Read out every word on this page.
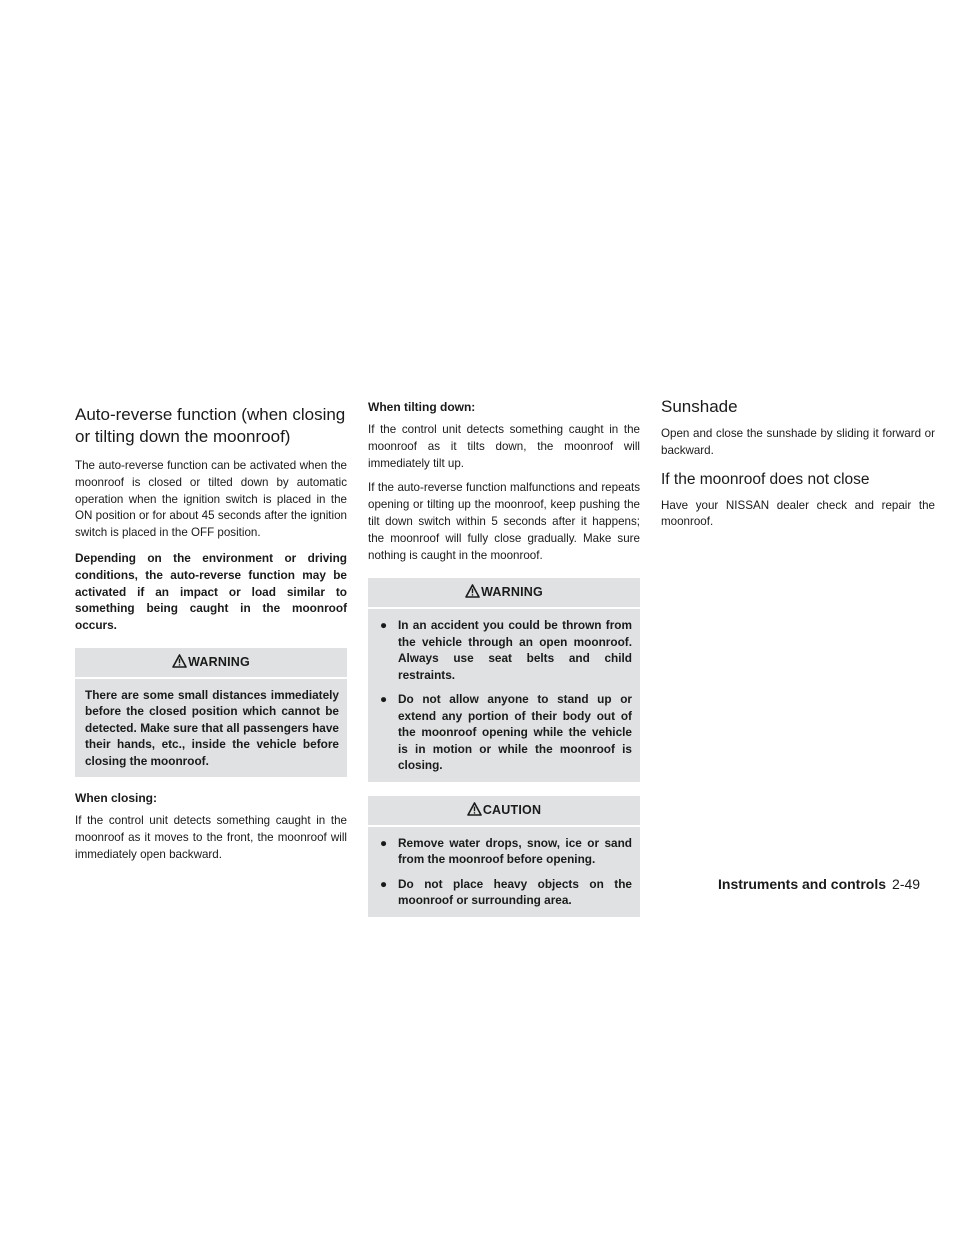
Auto-reverse function (when closing or tilting down the moonroof)

The auto-reverse function can be activated when the moonroof is closed or tilted down by automatic operation when the ignition switch is placed in the ON position or for about 45 seconds after the ignition switch is placed in the OFF position.

Depending on the environment or driving conditions, the auto-reverse function may be activated if an impact or load similar to something being caught in the moonroof occurs.

WARNING

There are some small distances immediately before the closed position which cannot be detected. Make sure that all passengers have their hands, etc., inside the vehicle before closing the moonroof.

When closing:

If the control unit detects something caught in the moonroof as it moves to the front, the moonroof will immediately open backward.

When tilting down:

If the control unit detects something caught in the moonroof as it tilts down, the moonroof will immediately tilt up.

If the auto-reverse function malfunctions and repeats opening or tilting up the moonroof, keep pushing the tilt down switch within 5 seconds after it happens; the moonroof will fully close gradually. Make sure nothing is caught in the moonroof.

WARNING
● In an accident you could be thrown from the vehicle through an open moonroof. Always use seat belts and child restraints.
● Do not allow anyone to stand up or extend any portion of their body out of the moonroof opening while the vehicle is in motion or while the moonroof is closing.
CAUTION
● Remove water drops, snow, ice or sand from the moonroof before opening.
● Do not place heavy objects on the moonroof or surrounding area.
Sunshade

Open and close the sunshade by sliding it forward or backward.

If the moonroof does not close

Have your NISSAN dealer check and repair the moonroof.

Instruments and controls 2-49
